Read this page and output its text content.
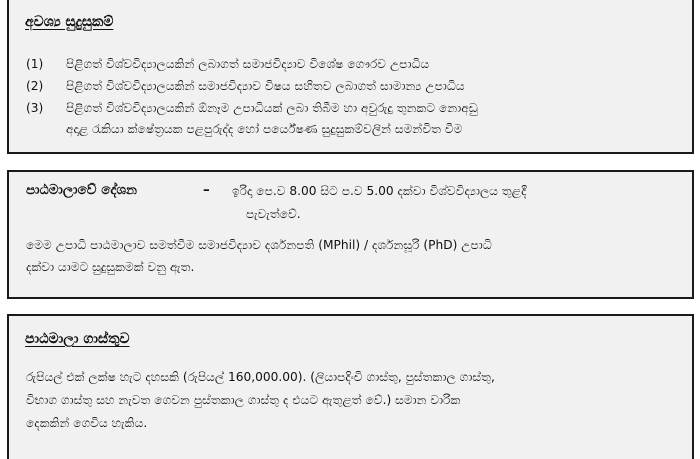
අවශ්‍ය සුදුසුකම්
(1) පිළිගත් විශ්වවිද්‍යාලයකින් ලබාගත් සමාජවිද්‍යාව විශේෂ ගෞරව උපාධිය
(2) පිළිගත් විශ්වවිද්‍යාලයකින් සමාජවිද්‍යාව විෂය සහිතව ලබාගත් සාමාන්‍ය උපාධිය
(3) පිළිගත් විශ්වවිද්‍යාලයකින් ඕනෑම උපාධියක් ලබා තිබීම හා අවුරුදු තුනකට නොඅඩු
අදාළ රැකියා ක්ෂේත්‍රයක පළපුරුද්ද හෝ පර්යේෂණ සුදුසුකම්වලින් සමන්විත වීම
පාඨමාලාවේ දේශන	– ඉරිදා පෙ.ව 8.00 සිට ප.ව 5.00 දක්වා විශ්වවිද්‍යාලය තුළදී
පැවැත්වේ.
මෙම උපාධි පාඨමාලාව සමත්වීම සමාජවිද්‍යාව දර්ශනපති (MPhil) / දර්ශනසූරි (PhD) උපාධි
දක්වා යාමට සුදුසුකමක් වනු ඇත.
පාඨමාලා ගාස්තුව
රුපියල් එක් ලක්ෂ හැට දහසකි (රුපියල් 160,000.00). (ලියාපදිංචි ගාස්තු, පුස්තකාල ගාස්තු,
විභාග ගාස්තු සහ නැවත ගෙවන පුස්තකාල ගාස්තු ද එයට ඇතුළත් වේ.) සමාන වාරික
දෙකකින් ගෙවිය හැකිය.
